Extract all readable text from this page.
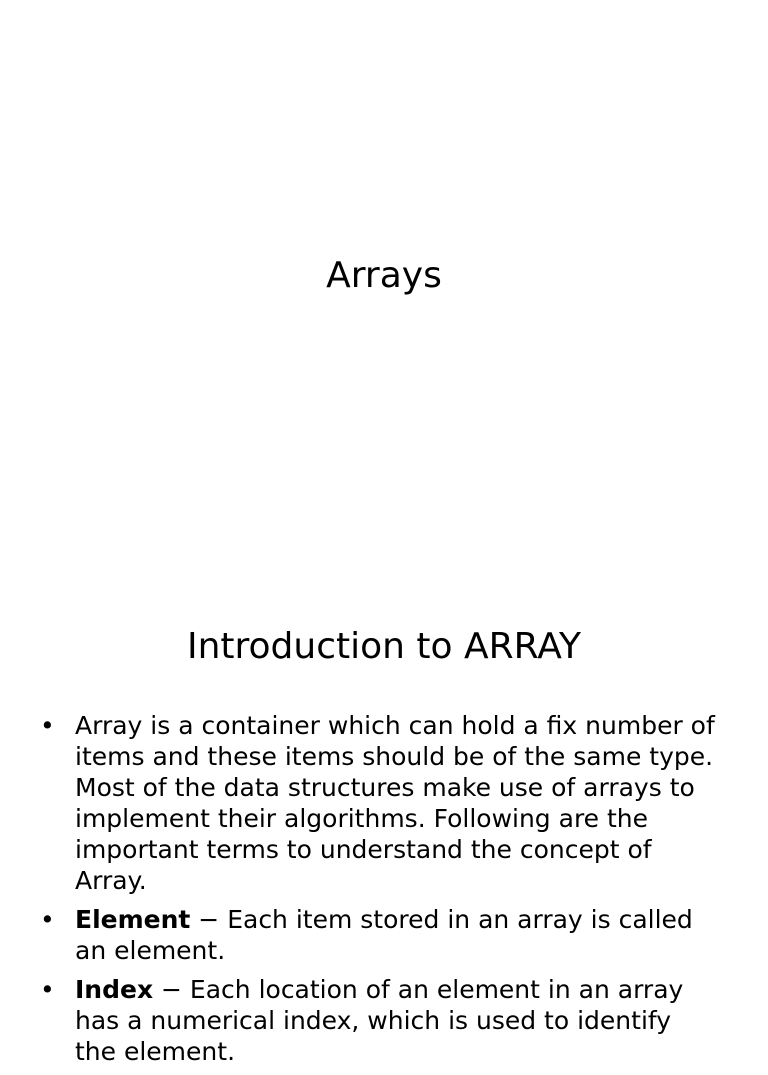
Arrays
Introduction to ARRAY
• Array is a container which can hold a fix number of items and these items should be of the same type. Most of the data structures make use of arrays to implement their algorithms. Following are the important terms to understand the concept of Array.
• Element − Each item stored in an array is called an element.
• Index − Each location of an element in an array has a numerical index, which is used to identify the element.
